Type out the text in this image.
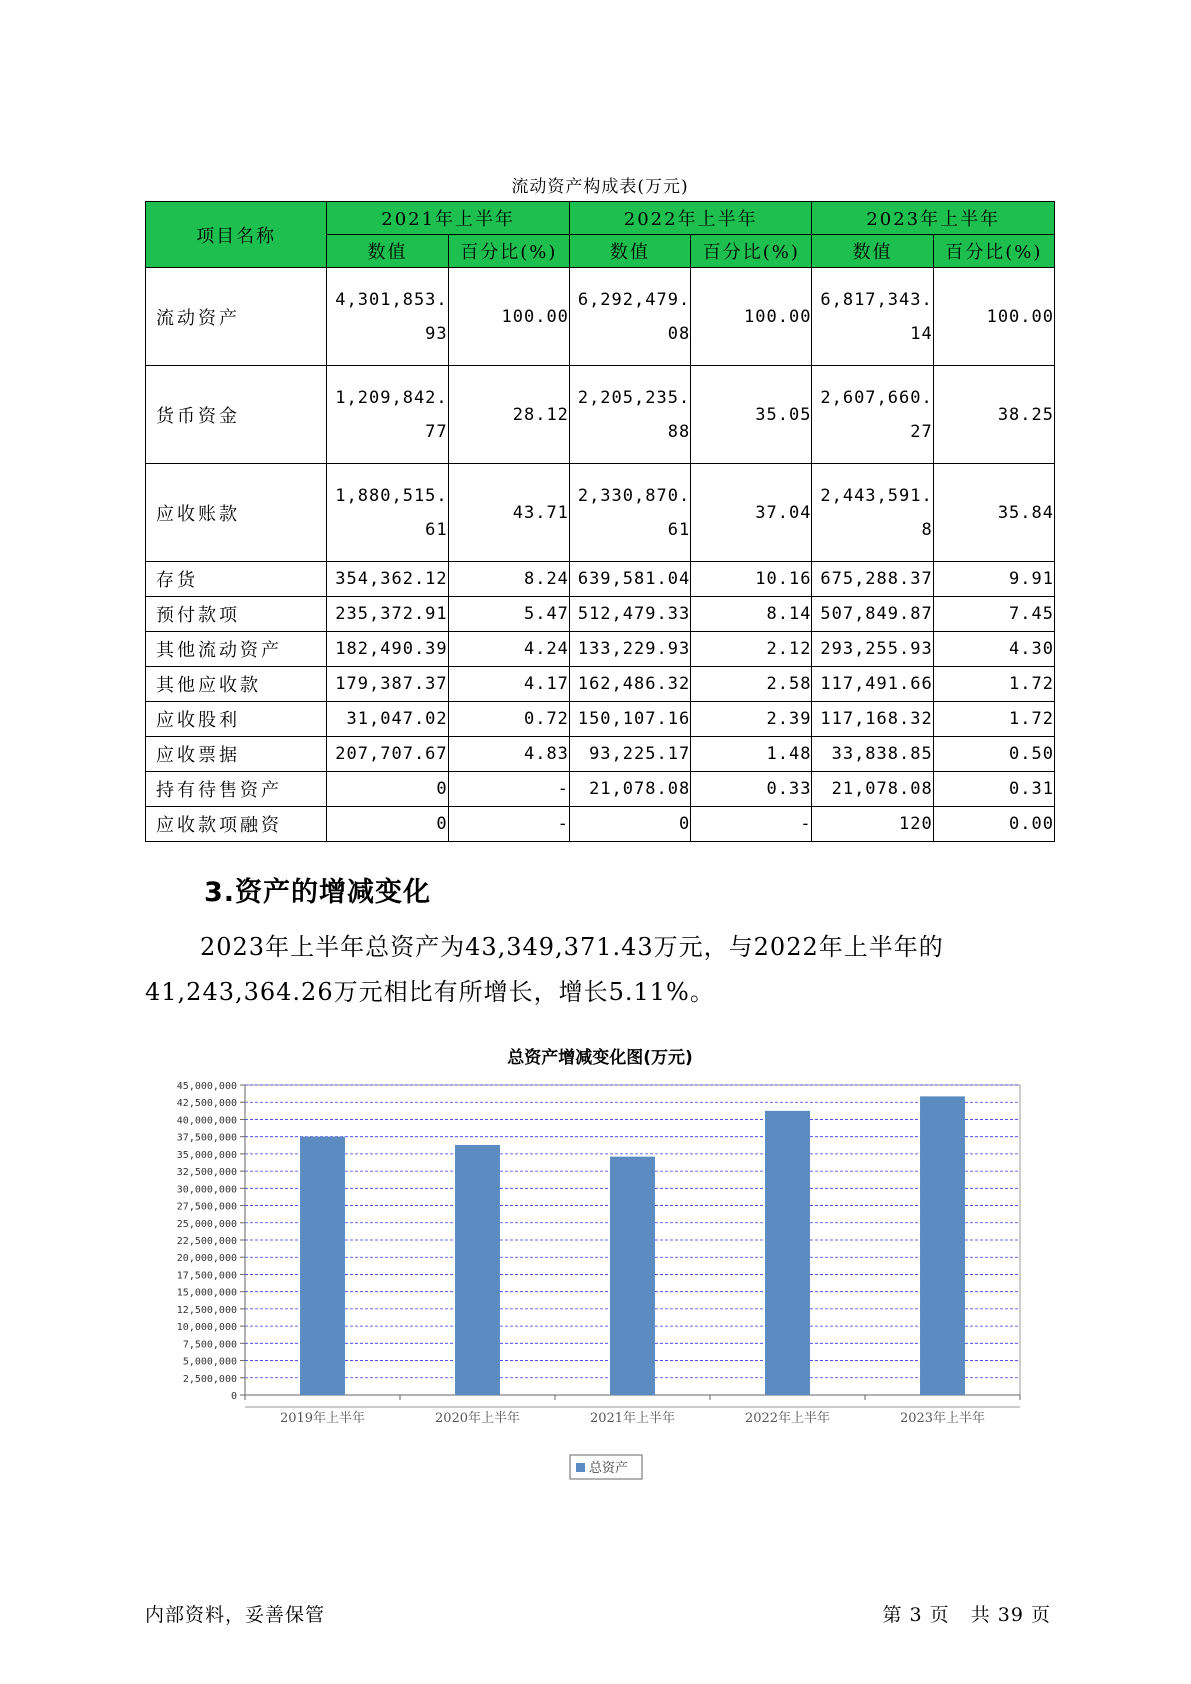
流动资产构成表(万元)
项目名称	2021年上半年		2022年上半年		2023年上半年	
	数值	百分比(%)	数值	百分比(%)	数值	百分比(%)
流动资产	4,301,853.93	100.00	6,292,479.08	100.00	6,817,343.14	100.00

货币资金	1,209,842.77	28.12	2,205,235.88	35.05	2,607,660.27	38.25

应收账款	1,880,515.61	43.71	2,330,870.61	37.04	2,443,591.8	35.84

存货	354,362.12	8.24	639,581.04	10.16	675,288.37	9.91

预付款项	235,372.91	5.47	512,479.33	8.14	507,849.87	7.45

其他流动资产	182,490.39	4.24	133,229.93	2.12	293,255.93	4.30

其他应收款	179,387.37	4.17	162,486.32	2.58	117,491.66	1.72

应收股利	31,047.02	0.72	150,107.16	2.39	117,168.32	1.72

应收票据	207,707.67	4.83	93,225.17	1.48	33,838.85	0.50

持有待售资产	0	-	21,078.08	0.33	21,078.08	0.31

应收款项融资	0	-	0	-	120	0.00
3.资产的增减变化
2023年上半年总资产为43,349,371.43万元，与2022年上半年的41,243,364.26万元相比有所增长，增长5.11%。
总资产增减变化图(万元)
0
2,500,000
5,000,000
7,500,000
10,000,000
12,500,000
15,000,000
17,500,000
20,000,000
22,500,000
25,000,000
27,500,000
30,000,000
32,500,000
35,000,000
37,500,000
40,000,000
42,500,000
45,000,000
2019年上半年	2020年上半年	2021年上半年	2022年上半年	2023年上半年
总资产
内部资料，妥善保管	第 3 页   共 39 页
